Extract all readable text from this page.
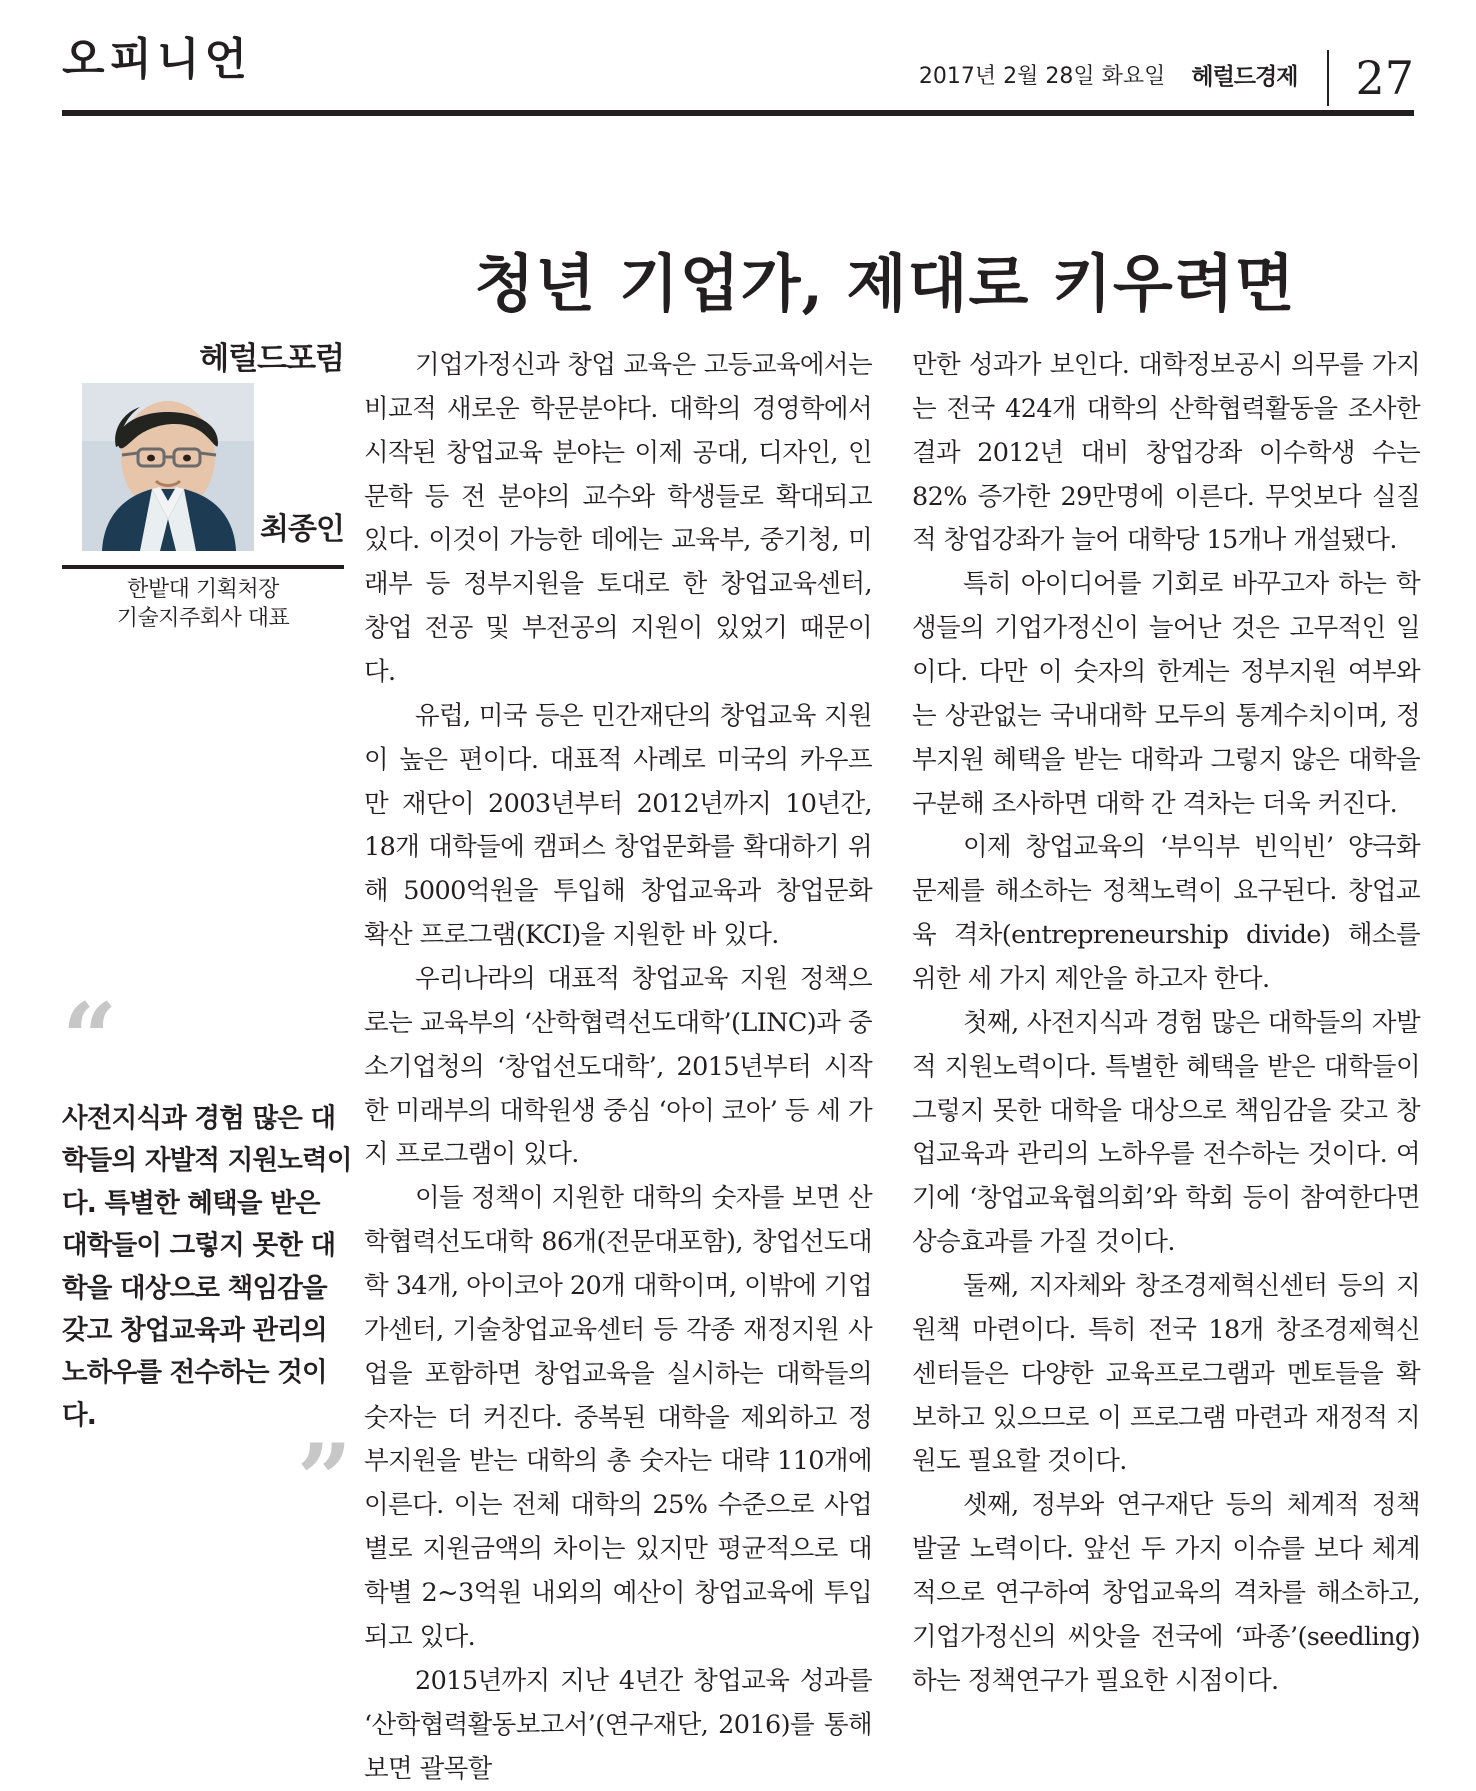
오피니언	2017년 2월 28일 화요일 헤럴드경제 27
청년 기업가, 제대로 키우려면
헤럴드포럼
최종인
한밭대 기획처장
기술지주회사 대표
“
사전지식과 경험 많은 대학들의 자발적 지원노력이다. 특별한 혜택을 받은 대학들이 그렇지 못한 대학을 대상으로 책임감을 갖고 창업교육과 관리의 노하우를 전수하는 것이다.
”

기업가정신과 창업 교육은 고등교육에서는 비교적 새로운 학문분야다. 대학의 경영학에서 시작된 창업교육 분야는 이제 공대, 디자인, 인문학 등 전 분야의 교수와 학생들로 확대되고 있다. 이것이 가능한 데에는 교육부, 중기청, 미래부 등 정부지원을 토대로 한 창업교육센터, 창업 전공 및 부전공의 지원이 있었기 때문이다.

유럽, 미국 등은 민간재단의 창업교육 지원이 높은 편이다. 대표적 사례로 미국의 카우프만 재단이 2003년부터 2012년까지 10년간, 18개 대학들에 캠퍼스 창업문화를 확대하기 위해 5000억원을 투입해 창업교육과 창업문화 확산 프로그램(KCI)을 지원한 바 있다.

우리나라의 대표적 창업교육 지원 정책으로는 교육부의 ‘산학협력선도대학’(LINC)과 중소기업청의 ‘창업선도대학’, 2015년부터 시작한 미래부의 대학원생 중심 ‘아이 코아’ 등 세 가지 프로그램이 있다.

이들 정책이 지원한 대학의 숫자를 보면 산학협력선도대학 86개(전문대포함), 창업선도대학 34개, 아이코아 20개 대학이며, 이밖에 기업가센터, 기술창업교육센터 등 각종 재정지원 사업을 포함하면 창업교육을 실시하는 대학들의 숫자는 더 커진다. 중복된 대학을 제외하고 정부지원을 받는 대학의 총 숫자는 대략 110개에 이른다. 이는 전체 대학의 25% 수준으로 사업별로 지원금액의 차이는 있지만 평균적으로 대학별 2~3억원 내외의 예산이 창업교육에 투입되고 있다.

2015년까지 지난 4년간 창업교육 성과를 ‘산학협력활동보고서’(연구재단, 2016)를 통해 보면 괄목할

만한 성과가 보인다. 대학정보공시 의무를 가지는 전국 424개 대학의 산학협력활동을 조사한 결과 2012년 대비 창업강좌 이수학생 수는 82% 증가한 29만명에 이른다. 무엇보다 실질적 창업강좌가 늘어 대학당 15개나 개설됐다.

특히 아이디어를 기회로 바꾸고자 하는 학생들의 기업가정신이 늘어난 것은 고무적인 일이다. 다만 이 숫자의 한계는 정부지원 여부와는 상관없는 국내대학 모두의 통계수치이며, 정부지원 혜택을 받는 대학과 그렇지 않은 대학을 구분해 조사하면 대학 간 격차는 더욱 커진다.

이제 창업교육의 ‘부익부 빈익빈’ 양극화 문제를 해소하는 정책노력이 요구된다. 창업교육 격차(entrepreneurship divide) 해소를 위한 세 가지 제안을 하고자 한다.

첫째, 사전지식과 경험 많은 대학들의 자발적 지원노력이다. 특별한 혜택을 받은 대학들이 그렇지 못한 대학을 대상으로 책임감을 갖고 창업교육과 관리의 노하우를 전수하는 것이다. 여기에 ‘창업교육협의회’와 학회 등이 참여한다면 상승효과를 가질 것이다.

둘째, 지자체와 창조경제혁신센터 등의 지원책 마련이다. 특히 전국 18개 창조경제혁신센터들은 다양한 교육프로그램과 멘토들을 확보하고 있으므로 이 프로그램 마련과 재정적 지원도 필요할 것이다.

셋째, 정부와 연구재단 등의 체계적 정책 발굴 노력이다. 앞선 두 가지 이슈를 보다 체계적으로 연구하여 창업교육의 격차를 해소하고, 기업가정신의 씨앗을 전국에 ‘파종’(seedling)하는 정책연구가 필요한 시점이다.
